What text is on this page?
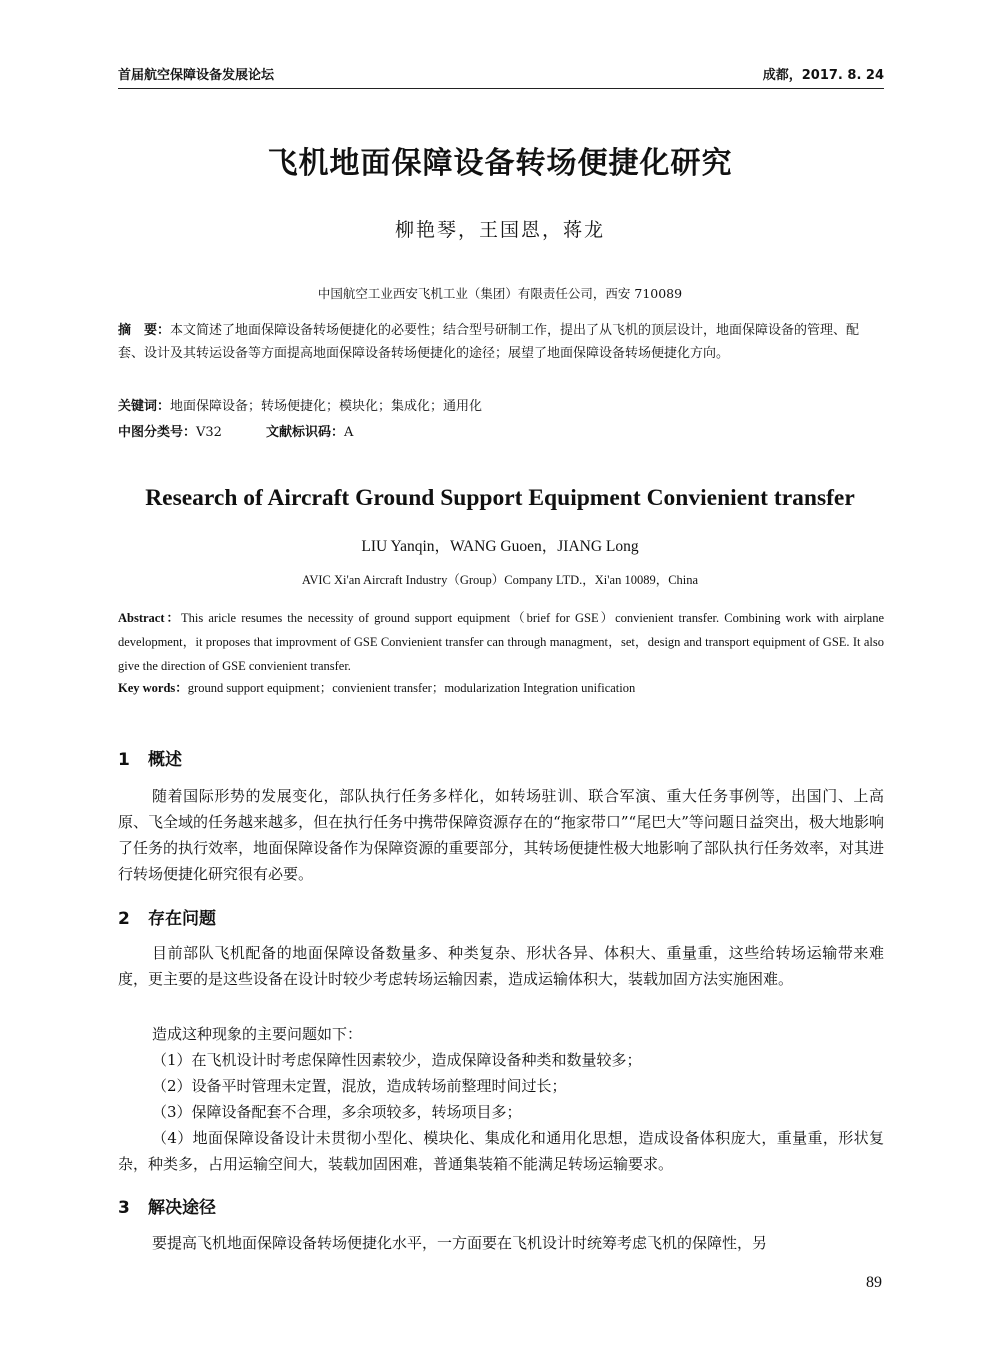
首届航空保障设备发展论坛	成都，2017. 8. 24
飞机地面保障设备转场便捷化研究
柳艳琴，王国恩，蒋龙
中国航空工业西安飞机工业（集团）有限责任公司，西安 710089
摘　要：本文简述了地面保障设备转场便捷化的必要性；结合型号研制工作，提出了从飞机的顶层设计，地面保障设备的管理、配套、设计及其转运设备等方面提高地面保障设备转场便捷化的途径；展望了地面保障设备转场便捷化方向。
关键词：地面保障设备；转场便捷化；模块化；集成化；通用化
中图分类号：V32	文献标识码：A
Research of Aircraft Ground Support Equipment Convienient transfer
LIU Yanqin，WANG Guoen，JIANG Long
AVIC Xi'an Aircraft Industry（Group）Company LTD.，Xi'an 10089，China
Abstract：This aricle resumes the necessity of ground support equipment（brief for GSE）convienient transfer. Combining work with airplane development，it proposes that improvment of GSE Convienient transfer can through managment，set，design and transport equipment of GSE. It also give the direction of GSE convienient transfer.
Key words：ground support equipment；convienient transfer；modularization Integration unification
1 概述
随着国际形势的发展变化，部队执行任务多样化，如转场驻训、联合军演、重大任务事例等，出国门、上高原、飞全域的任务越来越多，但在执行任务中携带保障资源存在的“拖家带口”“尾巴大”等问题日益突出，极大地影响了任务的执行效率，地面保障设备作为保障资源的重要部分，其转场便捷性极大地影响了部队执行任务效率，对其进行转场便捷化研究很有必要。
2 存在问题
目前部队飞机配备的地面保障设备数量多、种类复杂、形状各异、体积大、重量重，这些给转场运输带来难度，更主要的是这些设备在设计时较少考虑转场运输因素，造成运输体积大，装载加固方法实施困难。
造成这种现象的主要问题如下：
（1）在飞机设计时考虑保障性因素较少，造成保障设备种类和数量较多；
（2）设备平时管理未定置，混放，造成转场前整理时间过长；
（3）保障设备配套不合理，多余项较多，转场项目多；
（4）地面保障设备设计未贯彻小型化、模块化、集成化和通用化思想，造成设备体积庞大，重量重，形状复杂，种类多，占用运输空间大，装载加固困难，普通集装箱不能满足转场运输要求。
3 解决途径
要提高飞机地面保障设备转场便捷化水平，一方面要在飞机设计时统筹考虑飞机的保障性，另
89
